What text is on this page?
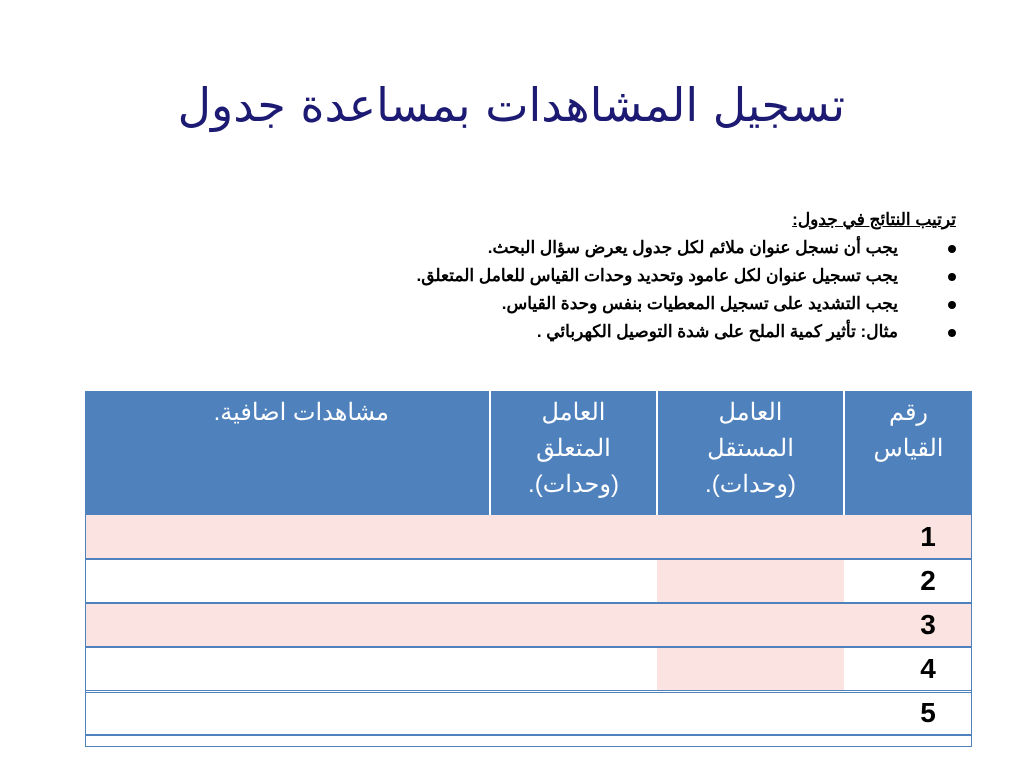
تسجيل المشاهدات بمساعدة جدول
ترتيب النتائج في جدول:
يجب أن نسجل عنوان ملائم لكل جدول يعرض سؤال البحث.
يجب تسجيل عنوان لكل عامود وتحديد وحدات القياس للعامل المتعلق.
يجب التشديد على تسجيل المعطيات بنفس وحدة القياس.
مثال: تأثير كمية الملح على شدة التوصيل الكهربائي .
رقم القياس	العامل المستقل (وحدات).	العامل المتعلق (وحدات).	مشاهدات اضافية.
1			
2			
3			
4			
5			
